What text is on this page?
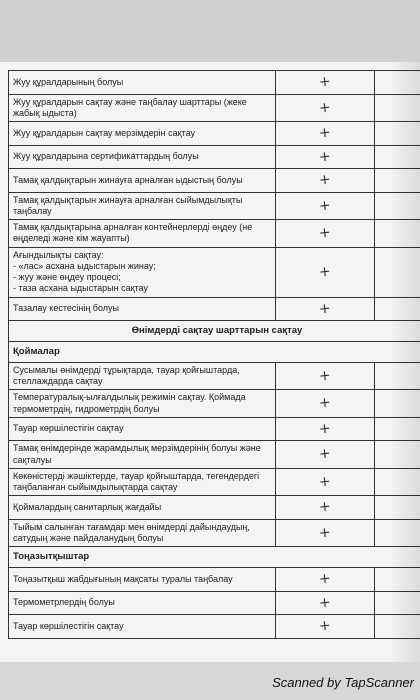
Жуу құралдарының болуы	+	
Жуу құралдарын сақтау және таңбалау шарттары (жеке жабық ыдыста)	+	
Жуу құралдарын сақтау мерзімдерін сақтау	+	
Жуу құралдарына сертификаттардың болуы	+	
Тамақ қалдықтарын жинауға арналған ыдыстың болуы	+	
Тамақ қалдықтарын жинауға арналған сыйымдылықты таңбалау	+	
Тамақ қалдықтарына арналған контейнерлерді өңдеу (не өңделеді және кім жауапты)	+	
Ағындылықты сақтау:
- «лас» асхана ыдыстарын жинау;
- жуу және өңдеу процесі;
- таза асхана ыдыстарын сақтау	+	
Тазалау кестесінің болуы	+	
Өнімдерді сақтау шарттарын сақтау		
Қоймалар		
Сусымалы өнімдерді тұрықтарда, тауар қойғыштарда, стеллаждарда сақтау	+	
Температуралық-ылғалдылық режимін сақтау. Қоймада термометрдің, гидрометрдің болуы	+	
Тауар көршілестігін сақтау	+	
Тамақ өнімдерінде жарамдылық мерзімдерінің болуы және сақталуы	+	
Көкөністерді жәшіктерде, тауар қойғыштарда, тегендердегі таңбаланған сыйымдылықтарда сақтау	+	
Қоймалардың санитарлық жағдайы	+	
Тыйым салынған тағамдар мен өнімдерді дайындаудың, сатудың және пайдаланудың болуы	+	
Тоңазытқыштар		
Тоңазытқыш жабдығының мақсаты туралы таңбалау	+	
Термометрлердің болуы	+	
Тауар көршілестігін сақтау	+	
Scanned by TapScanner
